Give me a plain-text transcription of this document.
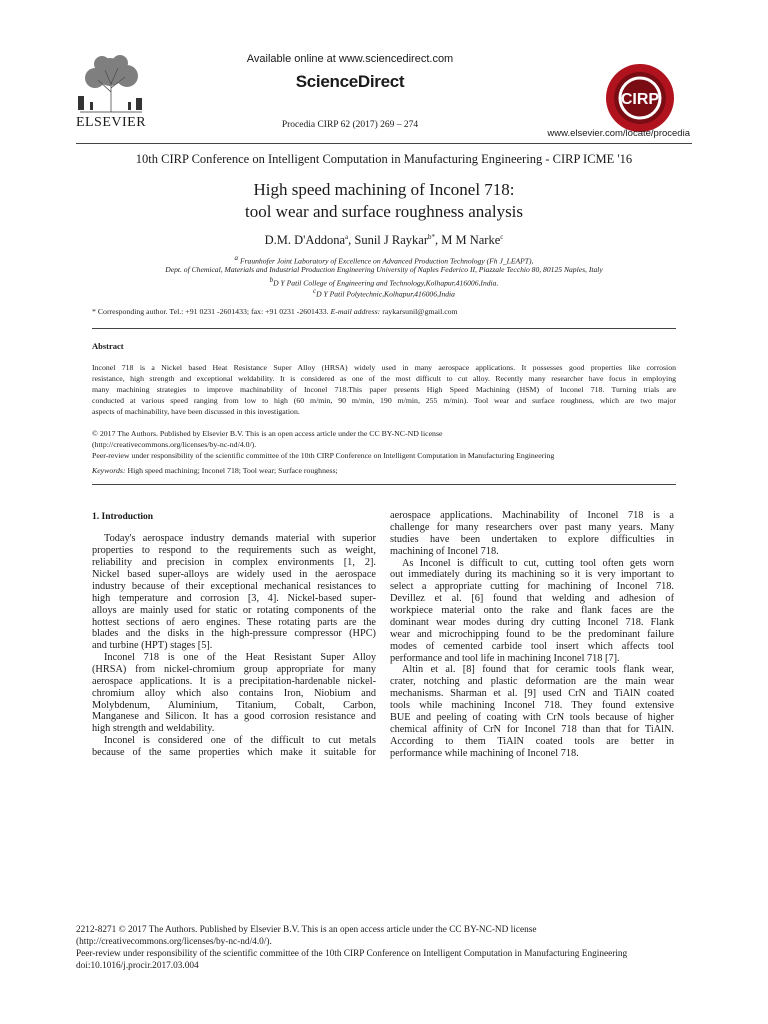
ELSEVIER
Available online at www.sciencedirect.com
ScienceDirect
Procedia CIRP 62 (2017) 269 – 274
CIRP
www.elsevier.com/locate/procedia
10th CIRP Conference on Intelligent Computation in Manufacturing Engineering - CIRP ICME '16
High speed machining of Inconel 718:
tool wear and surface roughness analysis
D.M. D'Addona$^a$, Sunil J Raykar$^{b*}$, M M Narke$^c$
$^a$ Fraunhofer Joint Laboratory of Excellence on Advanced Production Technology (Fh J_LEAPT),
Dept. of Chemical, Materials and Industrial Production Engineering University of Naples Federico II, Piazzale Tecchio 80, 80125 Naples, Italy
$^b$D Y Patil College of Engineering and Technology,Kolhapur,416006,India.
$^c$D Y Patil Polytechnic,Kolhapur,416006,India
* Corresponding author. Tel.: +91 0231 -2601433; fax: +91 0231 -2601433. E-mail address: raykarsunil@gmail.com
Abstract
Inconel 718 is a Nickel based Heat Resistance Super Alloy (HRSA) widely used in many aerospace applications. It possesses good properties like corrosion
resistance, high strength and exceptional weldability. It is considered as one of the most difficult to cut alloy. Recently many researcher have focus in employing
many machining strategies to improve machinability of Inconel 718.This paper presents High Speed Machining (HSM) of Inconel 718. Turning trials are
conducted at various speed ranging from low to high (60 m/min, 90 m/min, 190 m/min, 255 m/min). Tool wear and surface roughness, which are two major
aspects of machinability, have been discussed in this investigation.
© 2017 The Authors. Published by Elsevier B.V. This is an open access article under the CC BY-NC-ND license
(http://creativecommons.org/licenses/by-nc-nd/4.0/).
Peer-review under responsibility of the scientific committee of the 10th CIRP Conference on Intelligent Computation in Manufacturing Engineering
Keywords: High speed machining; Inconel 718; Tool wear; Surface roughness;
1. Introduction
Today's aerospace industry demands material with superior
properties to respond to the requirements such as weight,
reliability and precision in complex environments [1, 2].
Nickel based super-alloys are widely used in the aerospace
industry because of their exceptional mechanical resistances to
high temperature and corrosion [3, 4]. Nickel-based super-
alloys are mainly used for static or rotating components of the
hottest sections of aero engines. These rotating parts are the
blades and the disks in the high-pressure compressor (HPC)
and turbine (HPT) stages [5].
Inconel 718 is one of the Heat Resistant Super Alloy
(HRSA) from nickel-chromium group appropriate for many
aerospace applications. It is a precipitation-hardenable nickel-
chromium alloy which also contains Iron, Niobium and
Molybdenum, Aluminium, Titanium, Cobalt, Carbon,
Manganese and Silicon. It has a good corrosion resistance and
high strength and weldability.
Inconel is considered one of the difficult to cut metals
because of the same properties which make it suitable for
aerospace applications. Machinability of Inconel 718 is a
challenge for many researchers over past many years. Many
studies have been undertaken to explore difficulties in
machining of Inconel 718.
As Inconel is difficult to cut, cutting tool often gets worn
out immediately during its machining so it is very important to
select a appropriate cutting for machining of Inconel 718.
Devillez et al. [6] found that welding and adhesion of
workpiece material onto the rake and flank faces are the
dominant wear modes during dry cutting Inconel 718. Flank
wear and microchipping found to be the predominant failure
modes of cemented carbide tool insert which affects tool
performance and tool life in machining Inconel 718 [7].
Altin et al. [8] found that for ceramic tools flank wear,
crater, notching and plastic deformation are the main wear
mechanisms. Sharman et al. [9] used CrN and TiAlN coated
tools while machining Inconel 718. They found extensive
BUE and peeling of coating with CrN tools because of higher
chemical affinity of CrN for Inconel 718 than that for TiAlN.
According to them TiAlN coated tools are better in
performance while machining of Inconel 718.
2212-8271 © 2017 The Authors. Published by Elsevier B.V. This is an open access article under the CC BY-NC-ND license
(http://creativecommons.org/licenses/by-nc-nd/4.0/).
Peer-review under responsibility of the scientific committee of the 10th CIRP Conference on Intelligent Computation in Manufacturing Engineering
doi:10.1016/j.procir.2017.03.004
